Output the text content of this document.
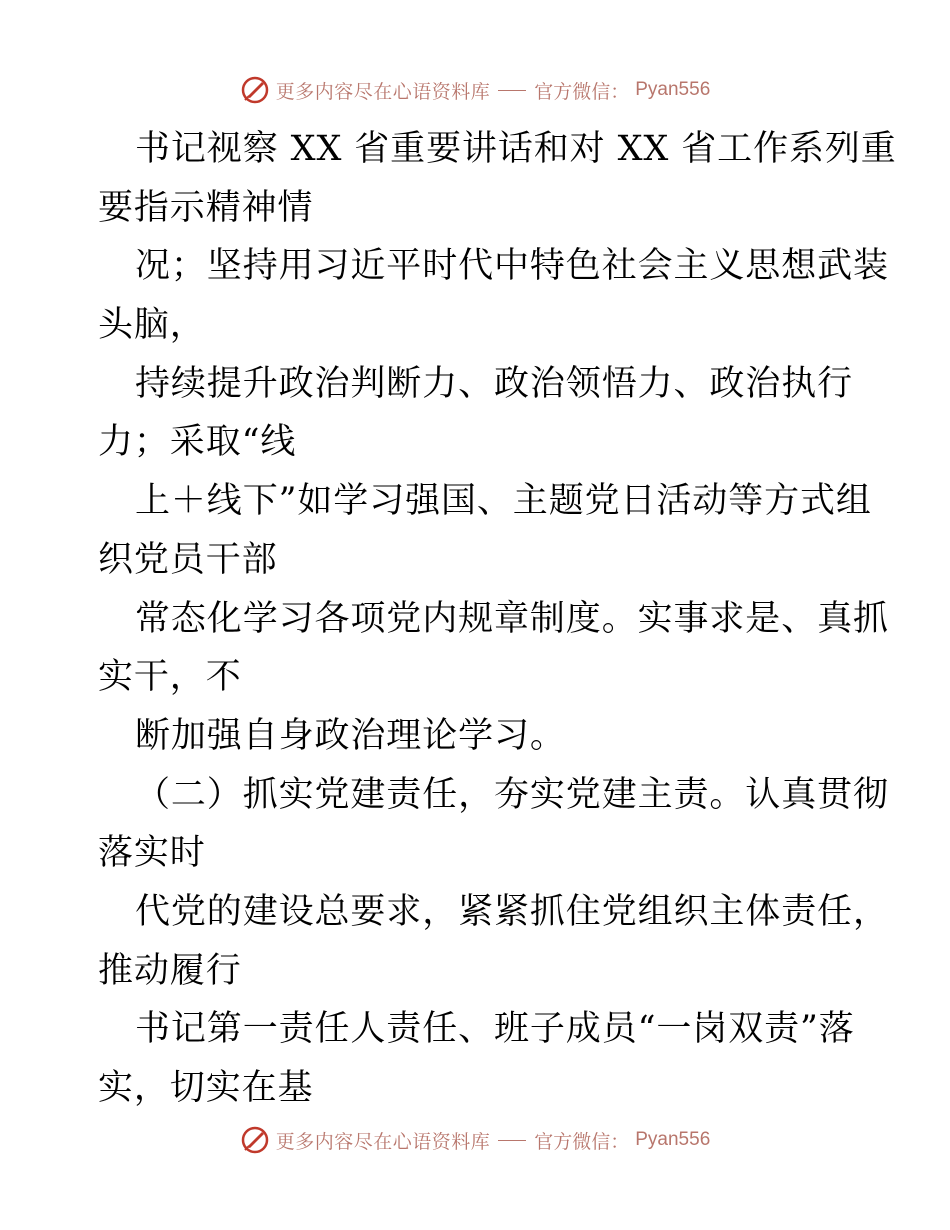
更多内容尽在心语资料库 官方微信： Pyan556
书记视察 XX 省重要讲话和对 XX 省工作系列重
要指示精神情
况；坚持用习近平时代中特色社会主义思想武装
头脑，
持续提升政治判断力、政治领悟力、政治执行
力；采取“线
上＋线下”如学习强国、主题党日活动等方式组
织党员干部
常态化学习各项党内规章制度。实事求是、真抓
实干，不
断加强自身政治理论学习。
（二）抓实党建责任，夯实党建主责。认真贯彻
落实时
代党的建设总要求，紧紧抓住党组织主体责任，
推动履行
书记第一责任人责任、班子成员“一岗双责”落
实，切实在基
更多内容尽在心语资料库 官方微信： Pyan556
